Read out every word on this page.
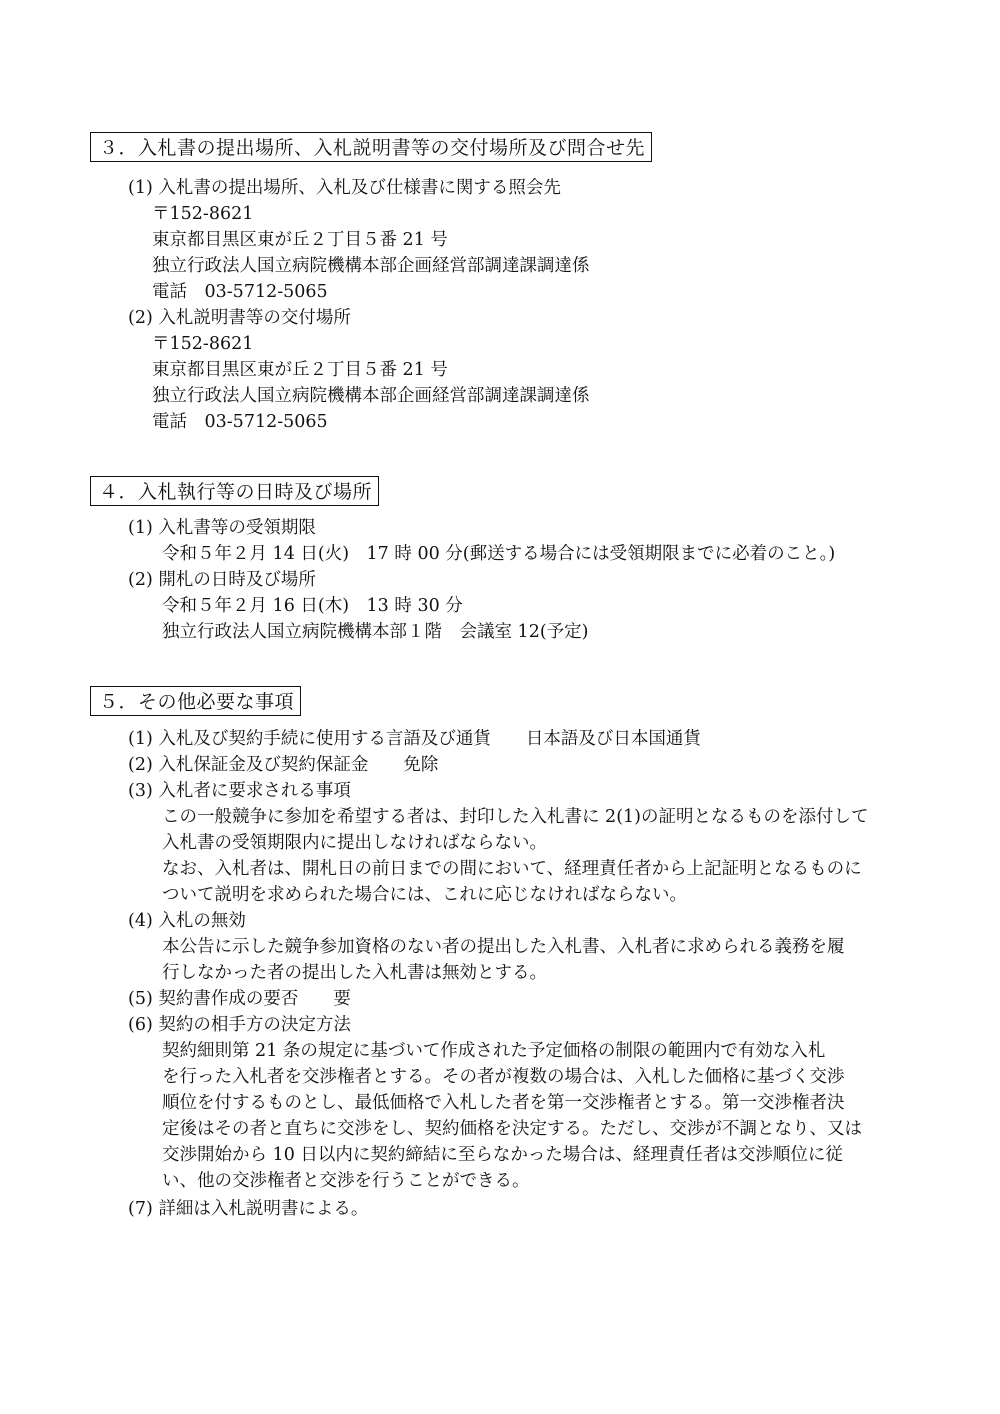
３．入札書の提出場所、入札説明書等の交付場所及び問合せ先
(1) 入札書の提出場所、入札及び仕様書に関する照会先
〒152-8621
東京都目黒区東が丘２丁目５番 21 号
独立行政法人国立病院機構本部企画経営部調達課調達係
電話　03-5712-5065
(2) 入札説明書等の交付場所
〒152-8621
東京都目黒区東が丘２丁目５番 21 号
独立行政法人国立病院機構本部企画経営部調達課調達係
電話　03-5712-5065
４．入札執行等の日時及び場所
(1) 入札書等の受領期限
令和５年２月 14 日(火)　17 時 00 分(郵送する場合には受領期限までに必着のこと。)
(2) 開札の日時及び場所
令和５年２月 16 日(木)　13 時 30 分
独立行政法人国立病院機構本部１階　会議室 12(予定)
５．その他必要な事項
(1) 入札及び契約手続に使用する言語及び通貨　　日本語及び日本国通貨
(2) 入札保証金及び契約保証金　　免除
(3) 入札者に要求される事項
この一般競争に参加を希望する者は、封印した入札書に 2(1)の証明となるものを添付して
入札書の受領期限内に提出しなければならない。
なお、入札者は、開札日の前日までの間において、経理責任者から上記証明となるものに
ついて説明を求められた場合には、これに応じなければならない。
(4) 入札の無効
本公告に示した競争参加資格のない者の提出した入札書、入札者に求められる義務を履
行しなかった者の提出した入札書は無効とする。
(5) 契約書作成の要否　　要
(6) 契約の相手方の決定方法
契約細則第 21 条の規定に基づいて作成された予定価格の制限の範囲内で有効な入札
を行った入札者を交渉権者とする。その者が複数の場合は、入札した価格に基づく交渉
順位を付するものとし、最低価格で入札した者を第一交渉権者とする。第一交渉権者決
定後はその者と直ちに交渉をし、契約価格を決定する。ただし、交渉が不調となり、又は
交渉開始から 10 日以内に契約締結に至らなかった場合は、経理責任者は交渉順位に従
い、他の交渉権者と交渉を行うことができる。
(7) 詳細は入札説明書による。
